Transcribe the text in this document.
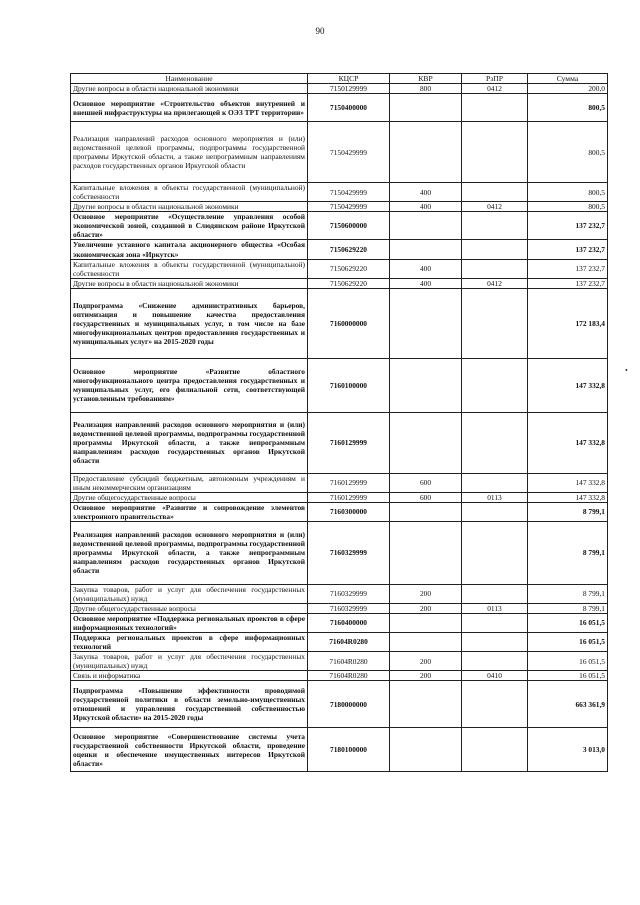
90
Наименование	КЦСР	КВР	РзПР	Сумма
Другие вопросы в области национальной экономики	7150129999	800	0412	200,0
Основное мероприятие «Строительство объектов внутренней и внешней инфраструктуры на прилегающей к ОЭЗ ТРТ территории»	7150400000			800,5
Реализация направлений расходов основного мероприятия и (или) ведомственной целевой программы, подпрограммы государственной программы Иркутской области, а также непрограммным направлениям расходов государственных органов Иркутской области	7150429999			800,5
Капитальные вложения в объекты государственной (муниципальной) собственности	7150429999	400		800,5
Другие вопросы в области национальной экономики	7150429999	400	0412	800,5
Основное мероприятие «Осуществление управления особой экономической зоной, созданной в Слюдянском районе Иркутской области»	7150600000			137 232,7
Увеличение уставного капитала акционерного общества «Особая экономическая зона «Иркутск»	7150629220			137 232,7
Капитальные вложения в объекты государственной (муниципальной) собственности	7150629220	400		137 232,7
Другие вопросы в области национальной экономики	7150629220	400	0412	137 232,7
Подпрограмма «Снижение административных барьеров, оптимизация и повышение качества предоставления государственных и муниципальных услуг, в том числе на базе многофункциональных центров предоставления государственных и муниципальных услуг» на 2015-2020 годы	7160000000			172 183,4
Основное мероприятие «Развитие областного многофункционального центра предоставления государственных и муниципальных услуг, его филиальной сети, соответствующей установленным требованиям»	7160100000			147 332,8
Реализация направлений расходов основного мероприятия и (или) ведомственной целевой программы, подпрограммы государственной программы Иркутской области, а также непрограммным направлениям расходов государственных органов Иркутской области	7160129999			147 332,8
Предоставление субсидий бюджетным, автономным учреждениям и иным некоммерческим организациям	7160129999	600		147 332,8
Другие общегосударственные вопросы	7160129999	600	0113	147 332,8
Основное мероприятие «Развитие и сопровождение элементов электронного правительства»	7160300000			8 799,1
Реализация направлений расходов основного мероприятия и (или) ведомственной целевой программы, подпрограммы государственной программы Иркутской области, а также непрограммным направлениям расходов государственных органов Иркутской области	7160329999			8 799,1
Закупка товаров, работ и услуг для обеспечения государственных (муниципальных) нужд	7160329999	200		8 799,1
Другие общегосударственные вопросы	7160329999	200	0113	8 799,1
Основное мероприятие «Поддержка региональных проектов в сфере информационных технологий»	7160400000			16 051,5
Поддержка региональных проектов в сфере информационных технологий	71604R0280			16 051,5
Закупка товаров, работ и услуг для обеспечения государственных (муниципальных) нужд	71604R0280	200		16 051,5
Связь и информатика	71604R0280	200	0410	16 051,5
Подпрограмма «Повышение эффективности проводимой государственной политики в области земельно-имущественных отношений и управления государственной собственностью Иркутской области» на 2015-2020 годы	7180000000			663 361,9
Основное мероприятие «Совершенствование системы учета государственной собственности Иркутской области, проведение оценки и обеспечение имущественных интересов Иркутской области»	7180100000			3 013,0
•
